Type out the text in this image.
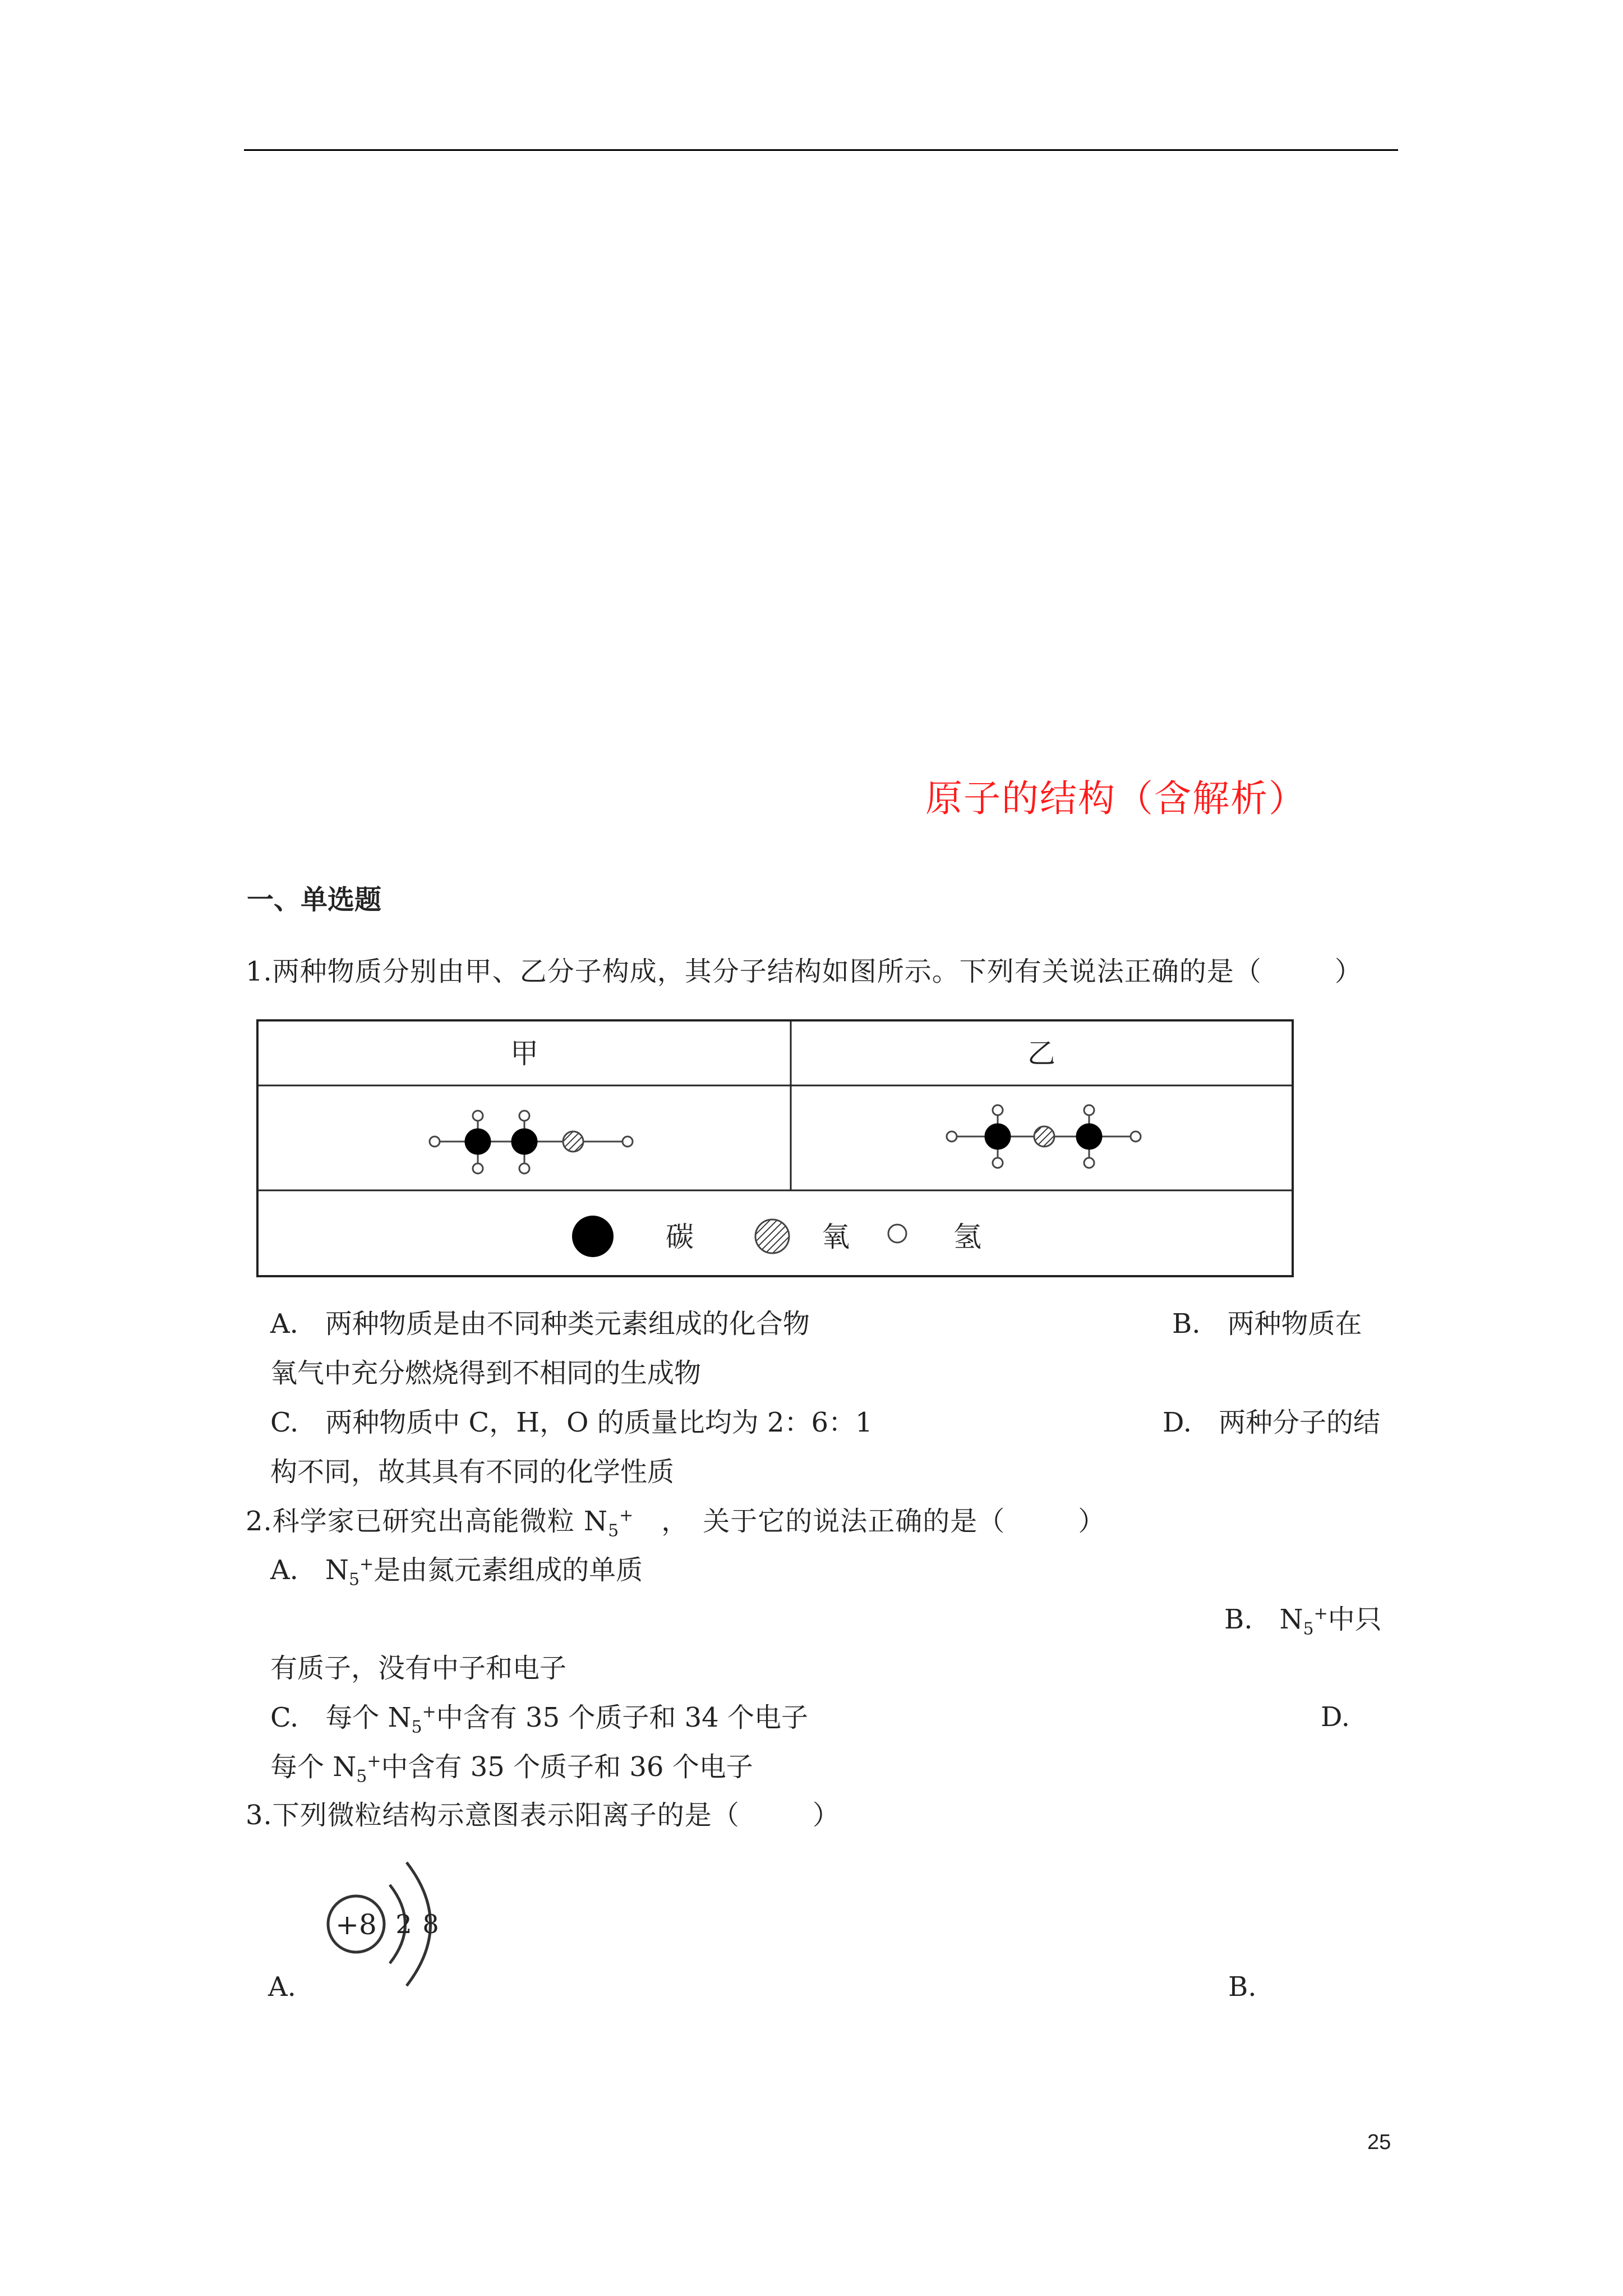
原子的结构（含解析）
一、单选题
1.两种物质分别由甲、乙分子构成，其分子结构如图所示。下列有关说法正确的是（	）
甲	乙
碳	氧	氢
A.　两种物质是由不同种类元素组成的化合物	B.　两种物质在
氧气中充分燃烧得到不相同的生成物
C.　两种物质中 C，H，O 的质量比均为 2：6：1	D.　两种分子的结
构不同，故其具有不同的化学性质
2.科学家已研究出高能微粒 $N_5^+$　，　关于它的说法正确的是（	）
A.　$N_5^+$是由氮元素组成的单质
B.　$N_5^+$中只
有质子，没有中子和电子
C.　每个 $N_5^+$中含有 35 个质子和 34 个电子	D.
每个 $N_5^+$中含有 35 个质子和 36 个电子
3.下列微粒结构示意图表示阳离子的是（	）
+8 2 8
A.	B.
25
